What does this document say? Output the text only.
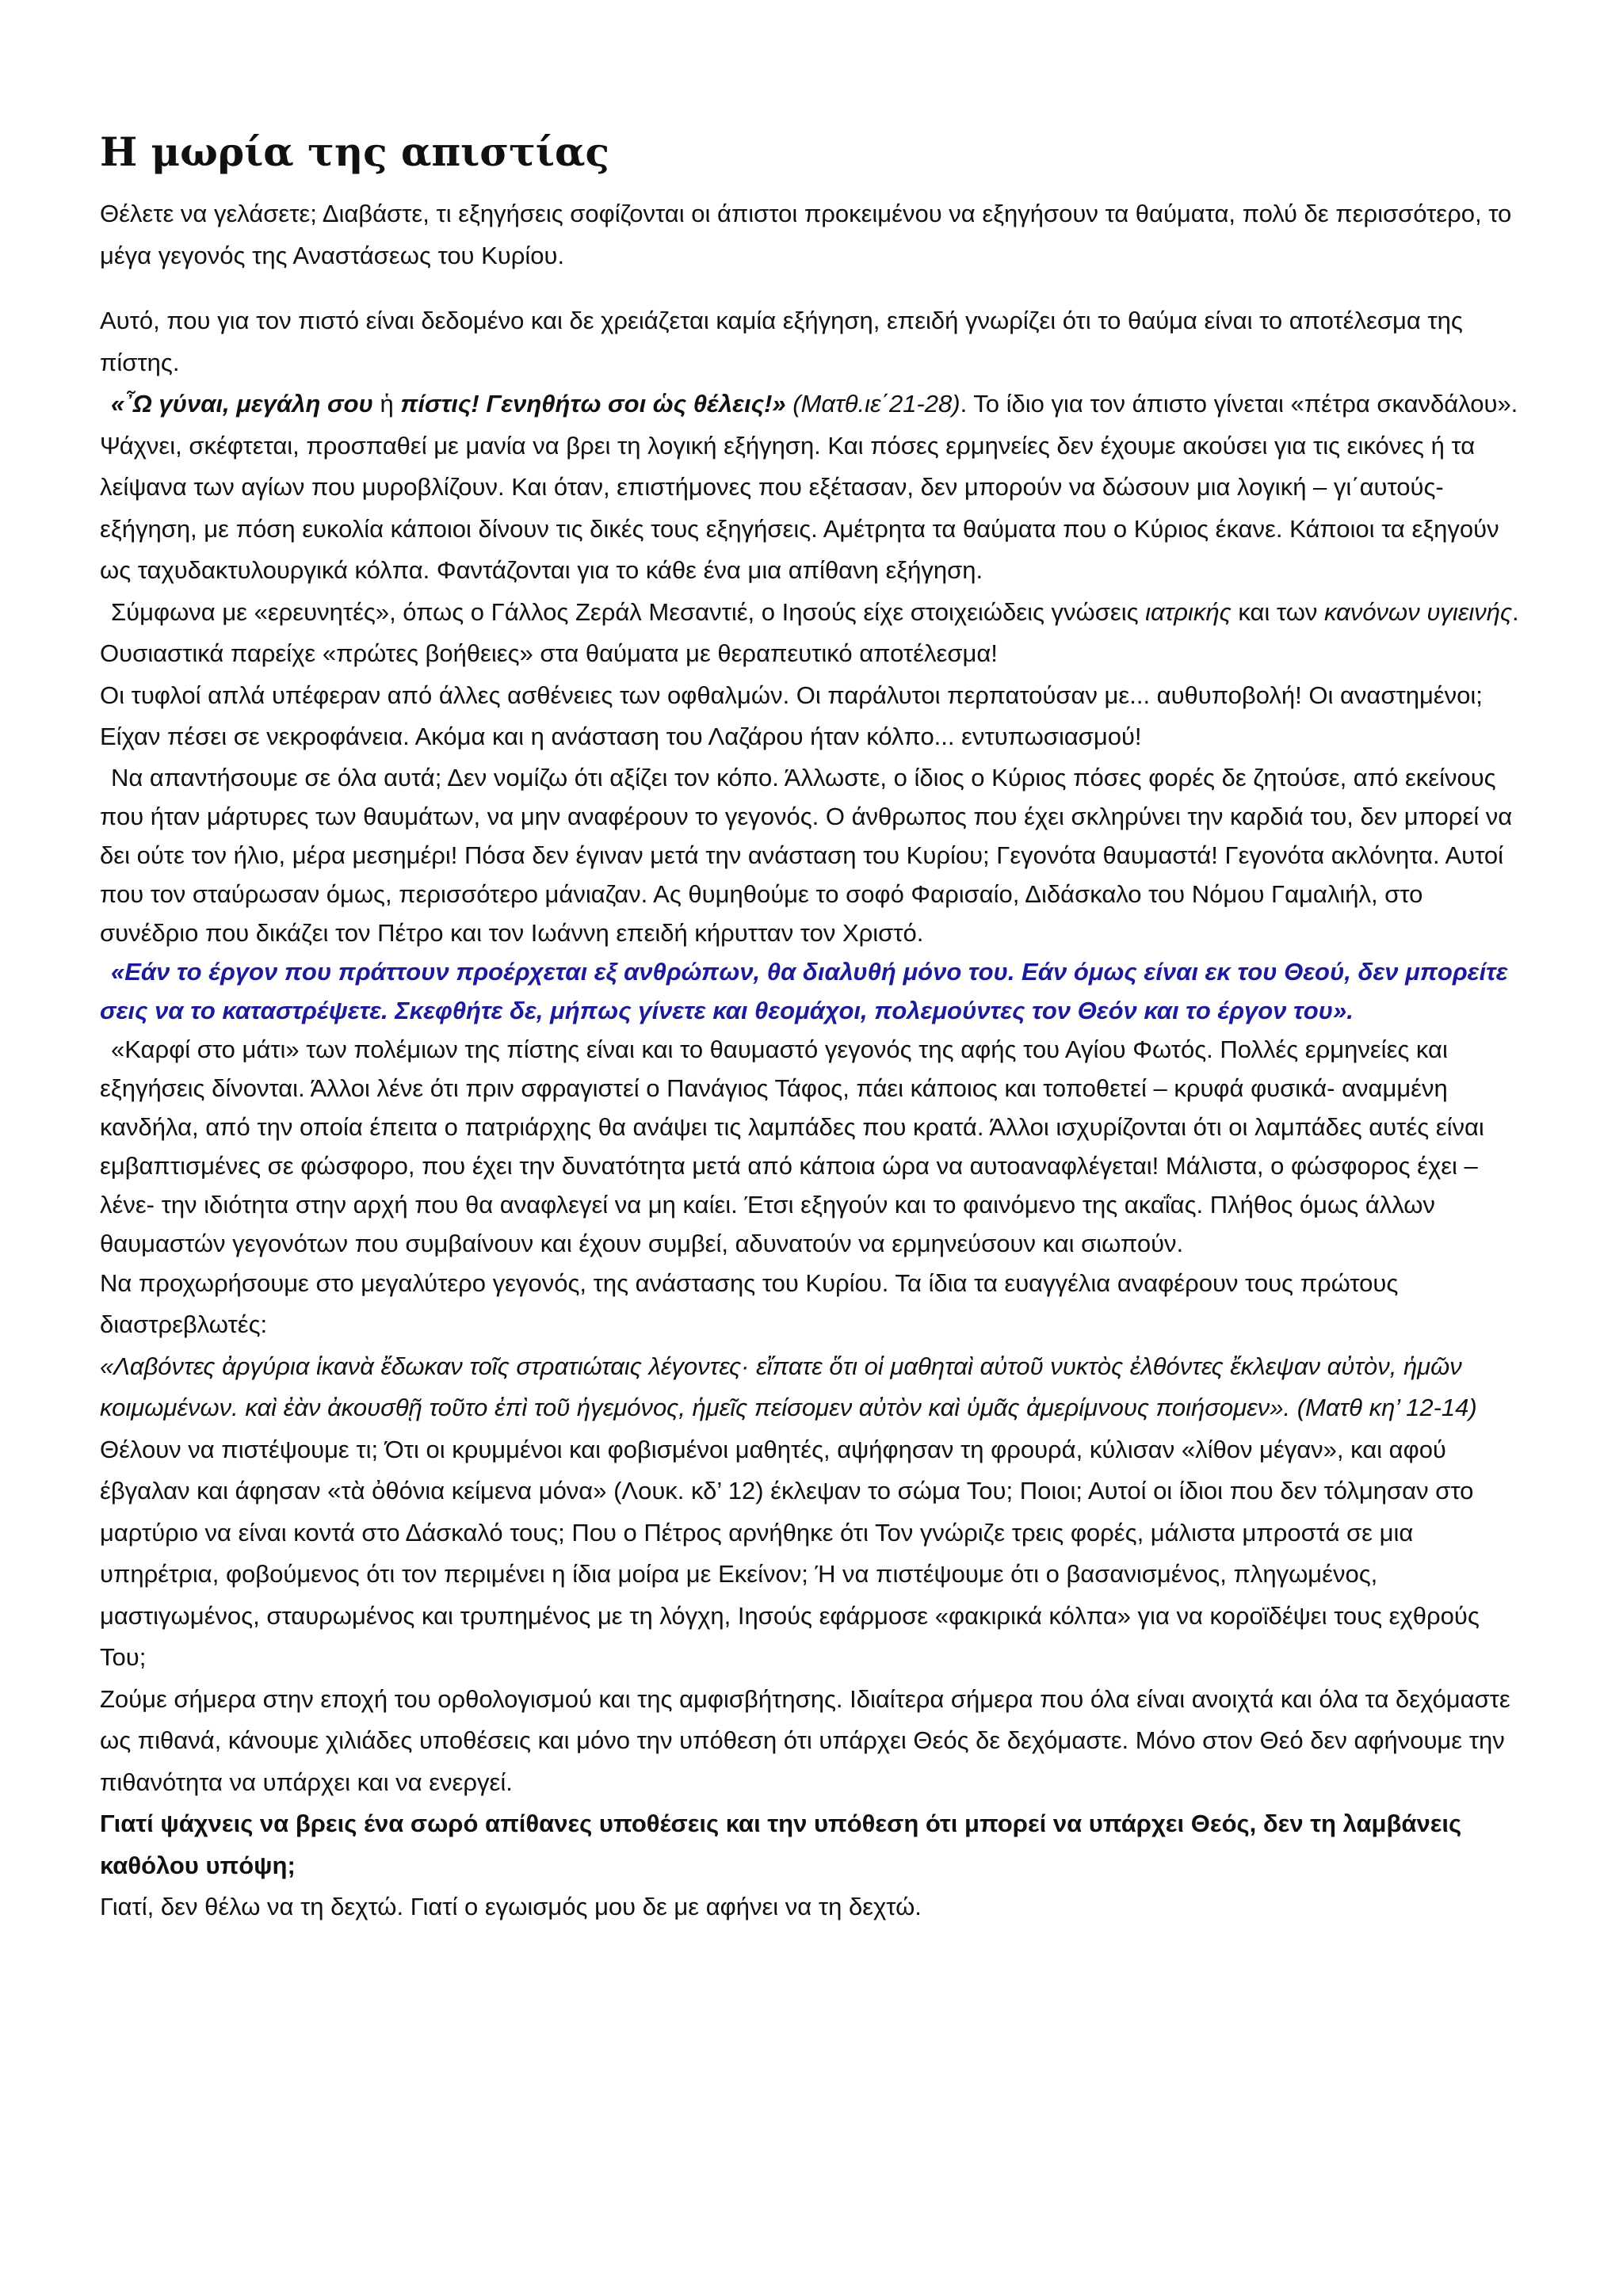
Η μωρία της απιστίας

Θέλετε να γελάσετε; Διαβάστε, τι εξηγήσεις σοφίζονται οι άπιστοι προκειμένου να εξηγήσουν τα θαύματα, πολύ δε περισσότερο, το μέγα γεγονός της Αναστάσεως του Κυρίου.

Αυτό, που για τον πιστό είναι δεδομένο και δε χρειάζεται καμία εξήγηση, επειδή γνωρίζει ότι το θαύμα είναι το αποτέλεσμα της πίστης.

«῏Ω γύναι, μεγάλη σου ἡ πίστις! Γενηθήτω σοι ὡς θέλεις!» (Ματθ.ιε΄21-28). Το ίδιο για τον άπιστο γίνεται «πέτρα σκανδάλου». Ψάχνει, σκέφτεται, προσπαθεί με μανία να βρει τη λογική εξήγηση. Και πόσες ερμηνείες δεν έχουμε ακούσει για τις εικόνες ή τα λείψανα των αγίων που μυροβλίζουν. Και όταν, επιστήμονες που εξέτασαν, δεν μπορούν να δώσουν μια λογική – γι΄αυτούς- εξήγηση, με πόση ευκολία κάποιοι δίνουν τις δικές τους εξηγήσεις. Αμέτρητα τα θαύματα που ο Κύριος έκανε. Κάποιοι τα εξηγούν ως ταχυδακτυλουργικά κόλπα. Φαντάζονται για το κάθε ένα μια απίθανη εξήγηση.

Σύμφωνα με «ερευνητές», όπως ο Γάλλος Ζεράλ Μεσαντιέ, ο Ιησούς είχε στοιχειώδεις γνώσεις ιατρικής και των κανόνων υγιεινής. Ουσιαστικά παρείχε «πρώτες βοήθειες» στα θαύματα με θεραπευτικό αποτέλεσμα!

Οι τυφλοί απλά υπέφεραν από άλλες ασθένειες των οφθαλμών. Οι παράλυτοι περπατούσαν με... αυθυποβολή! Οι αναστημένοι; Είχαν πέσει σε νεκροφάνεια. Ακόμα και η ανάσταση του Λαζάρου ήταν κόλπο... εντυπωσιασμού!

Να απαντήσουμε σε όλα αυτά; Δεν νομίζω ότι αξίζει τον κόπο. Άλλωστε, ο ίδιος ο Κύριος πόσες φορές δε ζητούσε, από εκείνους που ήταν μάρτυρες των θαυμάτων, να μην αναφέρουν το γεγονός. Ο άνθρωπος που έχει σκληρύνει την καρδιά του, δεν μπορεί να δει ούτε τον ήλιο, μέρα μεσημέρι! Πόσα δεν έγιναν μετά την ανάσταση του Κυρίου; Γεγονότα θαυμαστά! Γεγονότα ακλόνητα. Αυτοί που τον σταύρωσαν όμως, περισσότερο μάνιαζαν. Ας θυμηθούμε το σοφό Φαρισαίο, Διδάσκαλο του Νόμου Γαμαλιήλ, στο συνέδριο που δικάζει τον Πέτρο και τον Ιωάννη επειδή κήρυτταν τον Χριστό.

«Εάν το έργον που πράττουν προέρχεται εξ ανθρώπων, θα διαλυθή μόνο του. Εάν όμως είναι εκ του Θεού, δεν μπορείτε σεις να το καταστρέψετε. Σκεφθήτε δε, μήπως γίνετε και θεομάχοι, πολεμούντες τον Θεόν και το έργον του».

«Καρφί στο μάτι» των πολέμιων της πίστης είναι και το θαυμαστό γεγονός της αφής του Αγίου Φωτός. Πολλές ερμηνείες και εξηγήσεις δίνονται. Άλλοι λένε ότι πριν σφραγιστεί ο Πανάγιος Τάφος, πάει κάποιος και τοποθετεί – κρυφά φυσικά- αναμμένη κανδήλα, από την οποία έπειτα ο πατριάρχης θα ανάψει τις λαμπάδες που κρατά. Άλλοι ισχυρίζονται ότι οι λαμπάδες αυτές είναι εμβαπτισμένες σε φώσφορο, που έχει την δυνατότητα μετά από κάποια ώρα να αυτοαναφλέγεται! Μάλιστα, ο φώσφορος έχει –λένε- την ιδιότητα στην αρχή που θα αναφλεγεί να μη καίει. Έτσι εξηγούν και το φαινόμενο της ακαΐας. Πλήθος όμως άλλων θαυμαστών γεγονότων που συμβαίνουν και έχουν συμβεί, αδυνατούν να ερμηνεύσουν και σιωπούν.

Να προχωρήσουμε στο μεγαλύτερο γεγονός, της ανάστασης του Κυρίου. Τα ίδια τα ευαγγέλια αναφέρουν τους πρώτους διαστρεβλωτές:

«Λαβόντες ἀργύρια ἱκανὰ ἔδωκαν τοῖς στρατιώταις λέγοντες· εἴπατε ὅτι οἱ μαθηταὶ αὐτοῦ νυκτὸς ἐλθόντες ἔκλεψαν αὐτὸν, ἡμῶν κοιμωμένων. καὶ ἐὰν ἀκουσθῇ τοῦτο ἐπὶ τοῦ ἡγεμόνος, ἡμεῖς πείσομεν αὐτὸν καὶ ὑμᾶς ἀμερίμνους ποιήσομεν». (Ματθ κη’ 12-14)

Θέλουν να πιστέψουμε τι; Ότι οι κρυμμένοι και φοβισμένοι μαθητές, αψήφησαν τη φρουρά, κύλισαν «λίθον μέγαν», και αφού έβγαλαν και άφησαν «τὰ ὀθόνια κείμενα μόνα» (Λουκ. κδ’ 12) έκλεψαν το σώμα Του; Ποιοι; Αυτοί οι ίδιοι που δεν τόλμησαν στο μαρτύριο να είναι κοντά στο Δάσκαλό τους; Που ο Πέτρος αρνήθηκε ότι Τον γνώριζε τρεις φορές, μάλιστα μπροστά σε μια υπηρέτρια, φοβούμενος ότι τον περιμένει η ίδια μοίρα με Εκείνον; Ή να πιστέψουμε ότι ο βασανισμένος, πληγωμένος, μαστιγωμένος, σταυρωμένος και τρυπημένος με τη λόγχη, Ιησούς εφάρμοσε «φακιρικά κόλπα» για να κοροϊδέψει τους εχθρούς Του;

Ζούμε σήμερα στην εποχή του ορθολογισμού και της αμφισβήτησης. Ιδιαίτερα σήμερα που όλα είναι ανοιχτά και όλα τα δεχόμαστε ως πιθανά, κάνουμε χιλιάδες υποθέσεις και μόνο την υπόθεση ότι υπάρχει Θεός δε δεχόμαστε. Μόνο στον Θεό δεν αφήνουμε την πιθανότητα να υπάρχει και να ενεργεί.

Γιατί ψάχνεις να βρεις ένα σωρό απίθανες υποθέσεις και την υπόθεση ότι μπορεί να υπάρχει Θεός, δεν τη λαμβάνεις καθόλου υπόψη;

Γιατί, δεν θέλω να τη δεχτώ. Γιατί ο εγωισμός μου δε με αφήνει να τη δεχτώ.
